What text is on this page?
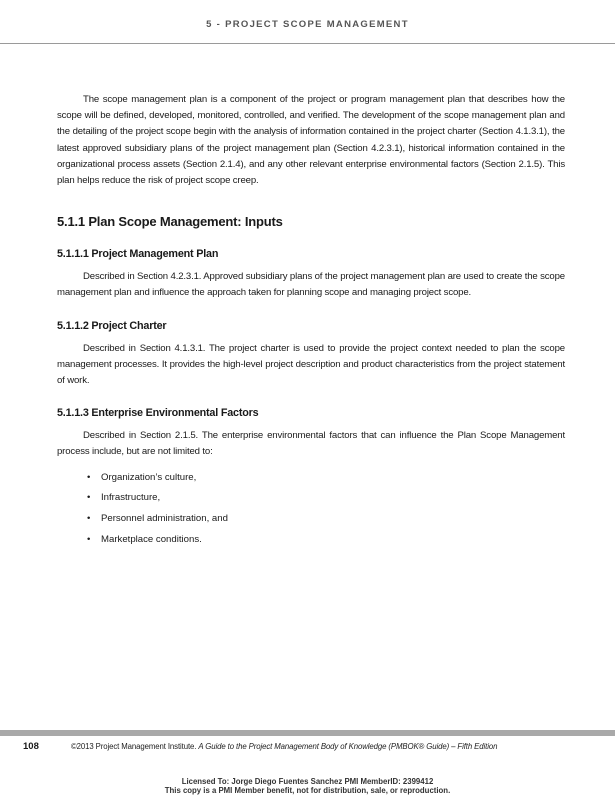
5 - PROJECT SCOPE MANAGEMENT

The scope management plan is a component of the project or program management plan that describes how the scope will be defined, developed, monitored, controlled, and verified. The development of the scope management plan and the detailing of the project scope begin with the analysis of information contained in the project charter (Section 4.1.3.1), the latest approved subsidiary plans of the project management plan (Section 4.2.3.1), historical information contained in the organizational process assets (Section 2.1.4), and any other relevant enterprise environmental factors (Section 2.1.5). This plan helps reduce the risk of project scope creep.

5.1.1 Plan Scope Management: Inputs
5.1.1.1 Project Management Plan

Described in Section 4.2.3.1. Approved subsidiary plans of the project management plan are used to create the scope management plan and influence the approach taken for planning scope and managing project scope.

5.1.1.2 Project Charter

Described in Section 4.1.3.1. The project charter is used to provide the project context needed to plan the scope management processes. It provides the high-level project description and product characteristics from the project statement of work.

5.1.1.3 Enterprise Environmental Factors

Described in Section 2.1.5. The enterprise environmental factors that can influence the Plan Scope Management process include, but are not limited to:

• Organization’s culture,
• Infrastructure,
• Personnel administration, and
• Marketplace conditions.
108	©2013 Project Management Institute. A Guide to the Project Management Body of Knowledge (PMBOK® Guide) – Fifth Edition
Licensed To: Jorge Diego Fuentes Sanchez PMI MemberID: 2399412
This copy is a PMI Member benefit, not for distribution, sale, or reproduction.
